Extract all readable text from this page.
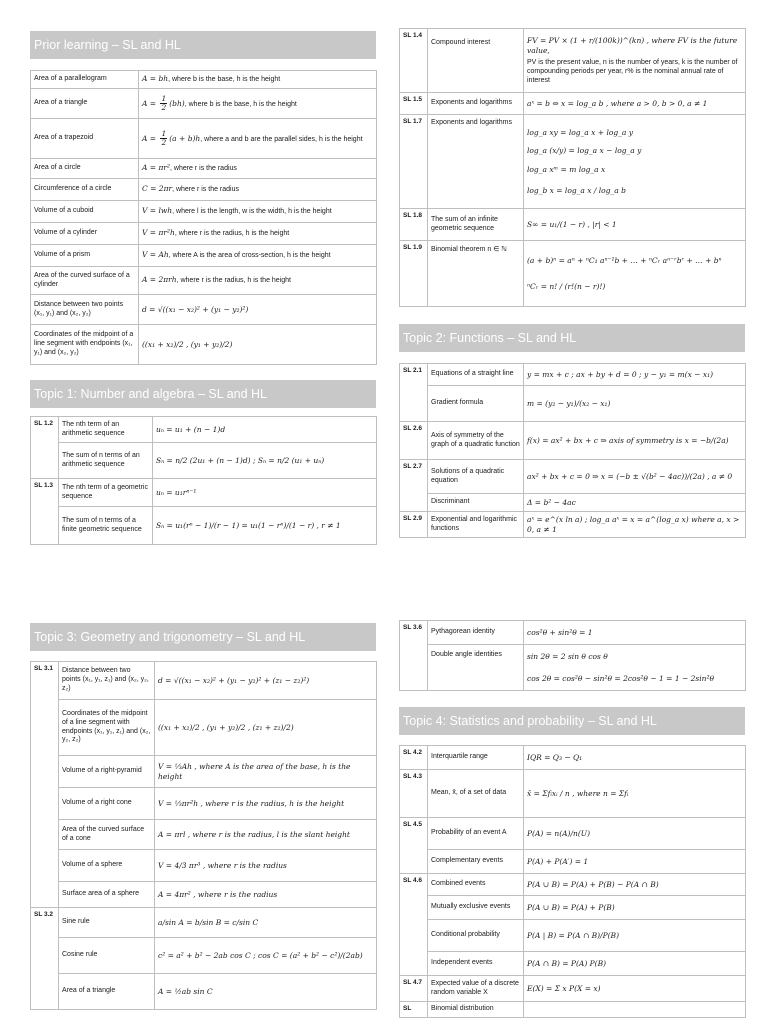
Prior learning – SL and HL
Area of a parallelogram	A = bh, where b is the base, h is the height
Area of a triangle	$A = \frac{1}{2} (bh)$, where b is the base, h is the height
Area of a trapezoid	$A = \frac{1}{2} (a + b)h$, where a and b are the parallel sides, h is the height
Area of a circle	A = πr², where r is the radius
Circumference of a circle	C = 2πr, where r is the radius
Volume of a cuboid	V = lwh, where l is the length, w is the width, h is the height
Volume of a cylinder	V = πr²h, where r is the radius, h is the height
Volume of a prism	V = Ah, where A is the area of cross-section, h is the height
Area of the curved surface of a cylinder	A = 2πrh, where r is the radius, h is the height
Distance between two points (x₁, y₁) and (x₂, y₂)	d = √((x₁ − x₂)² + (y₁ − y₂)²)
Coordinates of the midpoint of a line segment with endpoints (x₁, y₁) and (x₂, y₂)	((x₁ + x₂)/2 , (y₁ + y₂)/2)
Topic 1: Number and algebra – SL and HL
SL 1.2	The nth term of an arithmetic sequence	uₙ = u₁ + (n − 1)d
	The sum of n terms of an arithmetic sequence	Sₙ = n/2 (2u₁ + (n − 1)d) ; Sₙ = n/2 (u₁ + uₙ)
SL 1.3	The nth term of a geometric sequence	uₙ = u₁rⁿ⁻¹
	The sum of n terms of a finite geometric sequence	Sₙ = u₁(rⁿ − 1)/(r − 1) = u₁(1 − rⁿ)/(1 − r) , r ≠ 1
SL 1.4	Compound interest	FV = PV × (1 + r/(100k))^(kn) , where FV is the future value,
PV is the present value, n is the number of years, k is the number of compounding periods per year, r% is the nominal annual rate of interest
SL 1.5	Exponents and logarithms	aˣ = b ⇔ x = log_a b , where a > 0, b > 0, a ≠ 1
SL 1.7	Exponents and logarithms	log_a xy = log_a x + log_a y
log_a (x/y) = log_a x − log_a y
log_a xᵐ = m log_a x
log_b x = log_a x / log_a b

SL 1.8	The sum of an infinite geometric sequence	S∞ = u₁/(1 − r) , |r| < 1
SL 1.9	Binomial theorem n ∈ ℕ	(a + b)ⁿ = aⁿ + ⁿC₁ aⁿ⁻¹b + … + ⁿCᵣ aⁿ⁻ʳbʳ + … + bⁿ
ⁿCᵣ = n! / (r!(n − r)!)
Topic 2: Functions – SL and HL
SL 2.1	Equations of a straight line	y = mx + c ; ax + by + d = 0 ; y − y₁ = m(x − x₁)
	Gradient formula	m = (y₂ − y₁)/(x₂ − x₁)
SL 2.6	Axis of symmetry of the graph of a quadratic function	f(x) = ax² + bx + c ⇒ axis of symmetry is x = −b/(2a)
SL 2.7	Solutions of a quadratic equation	ax² + bx + c = 0 ⇒ x = (−b ± √(b² − 4ac))/(2a) , a ≠ 0
	Discriminant	Δ = b² − 4ac
SL 2.9	Exponential and logarithmic functions	aˣ = e^(x ln a) ; log_a aˣ = x = a^(log_a x) where a, x > 0, a ≠ 1
Topic 3: Geometry and trigonometry – SL and HL
SL 3.1	Distance between two points (x₁, y₁, z₁) and (x₂, y₂, z₂)	d = √((x₁ − x₂)² + (y₁ − y₂)² + (z₁ − z₂)²)
	Coordinates of the midpoint of a line segment with endpoints (x₁, y₁, z₁) and (x₂, y₂, z₂)	((x₁ + x₂)/2 , (y₁ + y₂)/2 , (z₁ + z₂)/2)
	Volume of a right-pyramid	V = ⅓Ah , where A is the area of the base, h is the height
	Volume of a right cone	V = ⅓πr²h , where r is the radius, h is the height
	Area of the curved surface of a cone	A = πrl , where r is the radius, l is the slant height
	Volume of a sphere	V = 4/3 πr³ , where r is the radius
	Surface area of a sphere	A = 4πr² , where r is the radius
SL 3.2	Sine rule	a/sin A = b/sin B = c/sin C
	Cosine rule	c² = a² + b² − 2ab cos C ; cos C = (a² + b² − c²)/(2ab)
	Area of a triangle	A = ½ab sin C
SL 3.6	Pythagorean identity	cos²θ + sin²θ = 1
	Double angle identities	sin 2θ = 2 sin θ cos θ
cos 2θ = cos²θ − sin²θ = 2cos²θ − 1 = 1 − 2sin²θ
Topic 4: Statistics and probability – SL and HL
SL 4.2	Interquartile range	IQR = Q₃ − Q₁
SL 4.3	Mean, x̄, of a set of data	x̄ = Σfᵢxᵢ / n , where n = Σfᵢ
SL 4.5	Probability of an event A	P(A) = n(A)/n(U)
	Complementary events	P(A) + P(A′) = 1
SL 4.6	Combined events	P(A ∪ B) = P(A) + P(B) − P(A ∩ B)
	Mutually exclusive events	P(A ∪ B) = P(A) + P(B)
	Conditional probability	P(A | B) = P(A ∩ B)/P(B)
	Independent events	P(A ∩ B) = P(A) P(B)
SL 4.7	Expected value of a discrete random variable X	E(X) = Σ x P(X = x)
SL	Binomial distribution	
